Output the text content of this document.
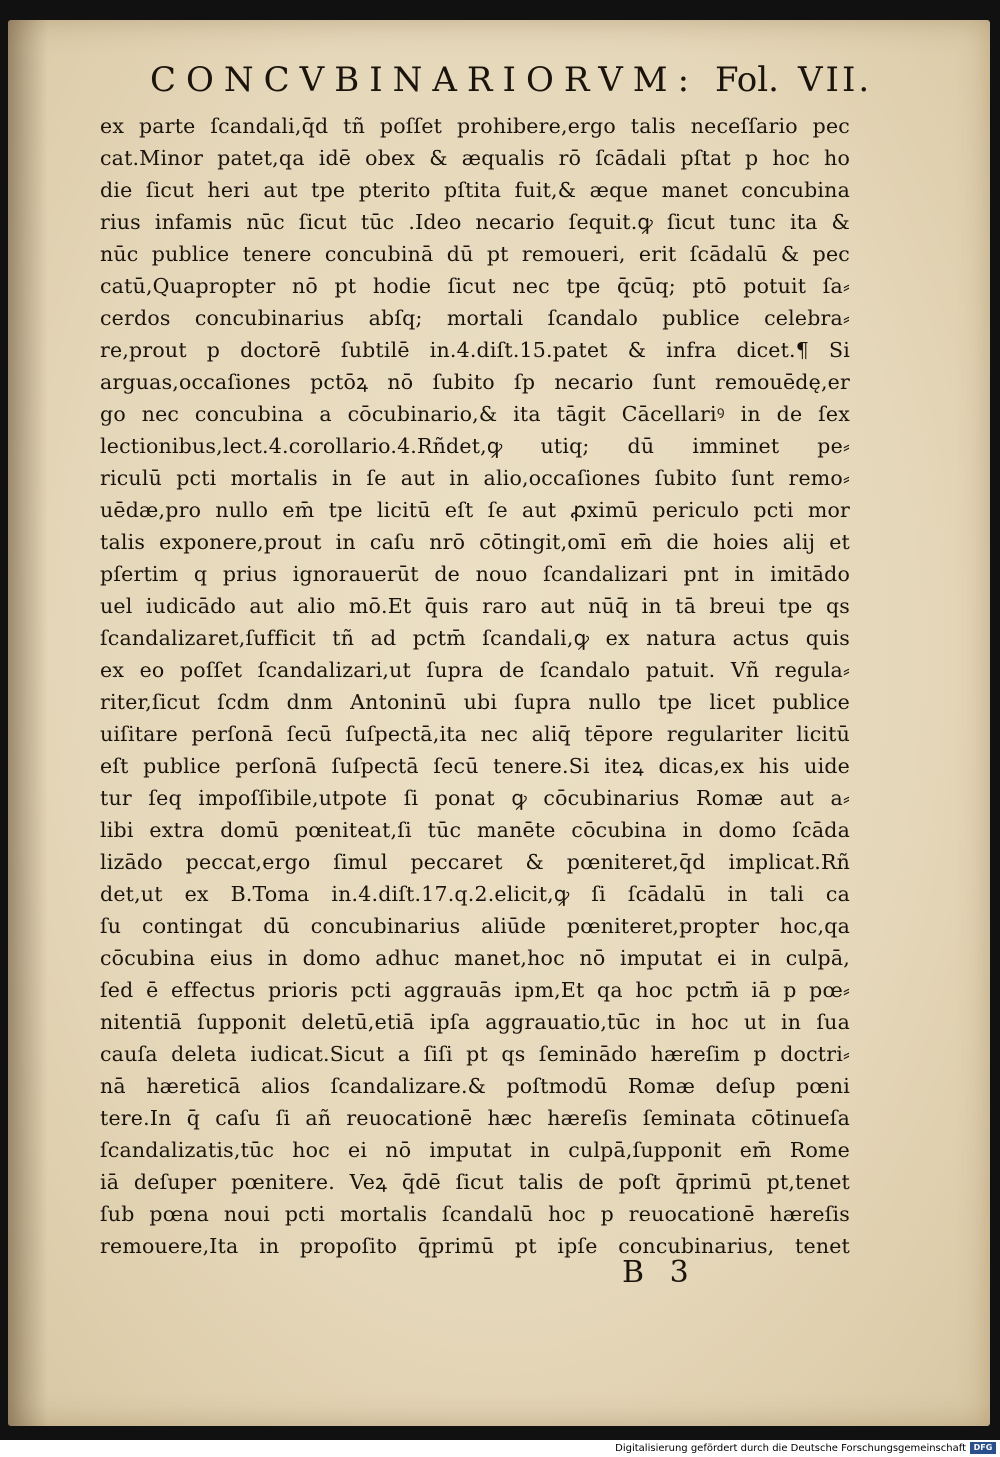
CONCVBINARIORVM: Fol. VII.
ex parte ſcandali,q̄d tñ poſſet prohibere,ergo talis neceſſario pec
cat.Minor patet,qa idē obex & æqualis rō ſcādali pſtat p hoc ho
die ſicut heri aut tpe pterito pſtita fuit,& æque manet concubina
rius infamis nūc ſicut tūc .Ideo necario ſequit.ꝙ ſicut tunc ita &
nūc publice tenere concubinā dū pt remoueri, erit ſcādalū & pec
catū,Quapropter nō pt hodie ſicut nec tpe q̄cūq; ptō potuit ſa⸗
cerdos concubinarius abſq; mortali ſcandalo publice celebra⸗
re,prout p doctorē ſubtilē in.4.diſt.15.patet & infra dicet.¶ Si
arguas,occaſiones pctōꝝ nō ſubito ſp necario ſunt remouēdę,er
go nec concubina a cōcubinario,& ita tāgit Cācellariꝰ in de ſex
lectionibus,lect.4.corollario.4.Rñdet,ꝙ utiq; dū imminet pe⸗
riculū pcti mortalis in ſe aut in alio,occaſiones ſubito ſunt remo⸗
uēdæ,pro nullo em̄ tpe licitū eſt ſe aut ꝓximū periculo pcti mor
talis exponere,prout in caſu nrō cōtingit,omī em̄ die hoies alij et
pſertim q prius ignorauerūt de nouo ſcandalizari pnt in imitādo
uel iudicādo aut alio mō.Et q̄uis raro aut nūq̄ in tā breui tpe qs
ſcandalizaret,ſufficit tñ ad pctm̄ ſcandali,ꝙ ex natura actus quis
ex eo poſſet ſcandalizari,ut ſupra de ſcandalo patuit. Vñ regula⸗
riter,ſicut ſcdm dnm Antoninū ubi ſupra nullo tpe licet publice
uiſitare perſonā ſecū ſuſpectā,ita nec aliq̄ tēpore regulariter licitū
eſt publice perſonā ſuſpectā ſecū tenere.Si iteꝝ dicas,ex his uide
tur ſeq impoſſibile,utpote ſi ponat ꝙ cōcubinarius Romæ aut a⸗
libi extra domū pœniteat,ſi tūc manēte cōcubina in domo ſcāda
lizādo peccat,ergo ſimul peccaret & pœniteret,q̄d implicat.Rñ
det,ut ex B.Toma in.4.diſt.17.q.2.elicit,ꝙ ſi ſcādalū in tali ca
ſu contingat dū concubinarius aliūde pœniteret,propter hoc,qa
cōcubina eius in domo adhuc manet,hoc nō imputat ei in culpā,
ſed ē effectus prioris pcti aggrauās ipm,Et qa hoc pctm̄ iā p pœ⸗
nitentiā ſupponit deletū,etiā ipſa aggrauatio,tūc in hoc ut in ſua
cauſa deleta iudicat.Sicut a ſiſi pt qs ſeminādo hæreſim p doctri⸗
nā hæreticā alios ſcandalizare.& poſtmodū Romæ deſup pœni
tere.In q̄ caſu ſi añ reuocationē hæc hæreſis ſeminata cōtinueſa
ſcandalizatis,tūc hoc ei nō imputat in culpā,ſupponit em̄ Rome
iā deſuper pœnitere. Veꝝ q̄dē ſicut talis de poſt q̄primū pt,tenet
ſub pœna noui pcti mortalis ſcandalū hoc p reuocationē hæreſis
remouere,Ita in propoſito q̄primū pt ipſe concubinarius, tenet
B 3
Digitalisierung gefördert durch die Deutsche Forschungsgemeinschaft DFG
